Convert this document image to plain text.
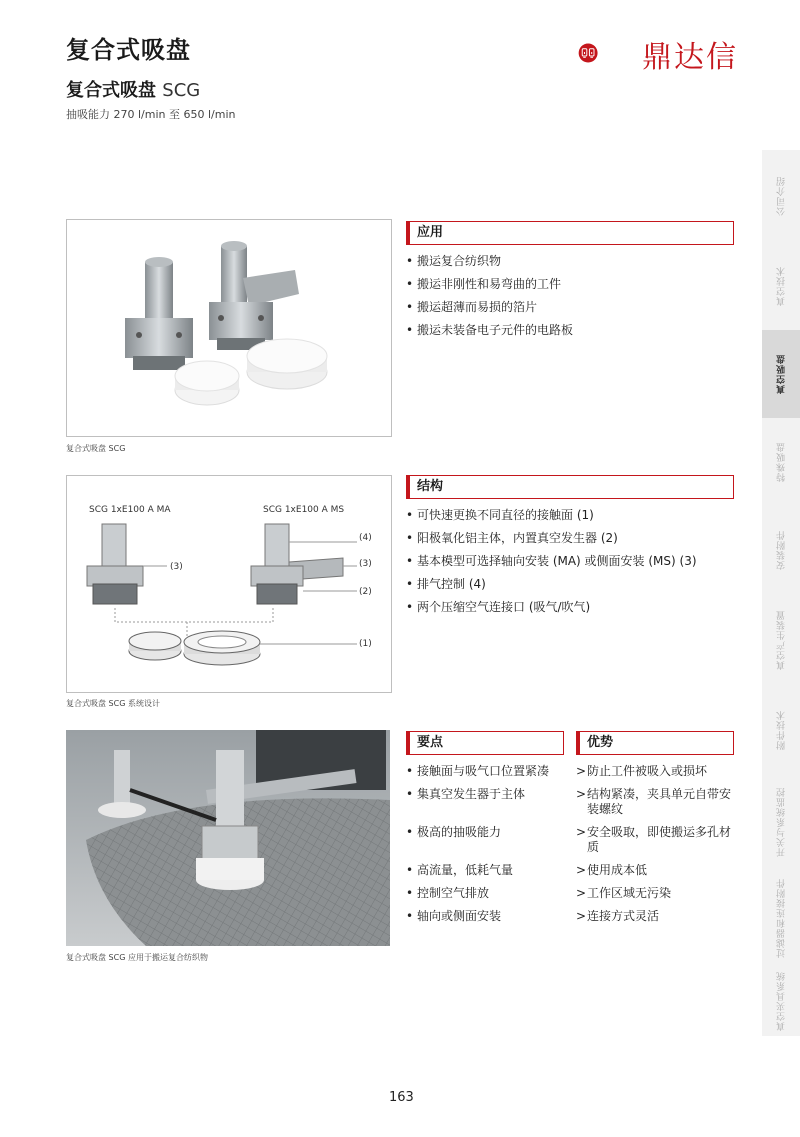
复合式吸盘
复合式吸盘 SCG
抽吸能力 270 l/min 至 650 l/min
鼎达信
公司介绍
真空技术
真空吸盘
特殊吸盘
安装附件
真空产生装置
附件技术
开关与系统监控
过滤器和连接附件
真空夹具系统
复合式吸盘 SCG
应用
• 搬运复合纺织物
• 搬运非刚性和易弯曲的工件
• 搬运超薄而易损的箔片
• 搬运未装备电子元件的电路板
SCG 1xE100 A MA	SCG 1xE100 A MS
(3)
(4)
(3)
(2)
(1)
复合式吸盘 SCG 系统设计
结构
• 可快速更换不同直径的接触面 (1)
• 阳极氧化铝主体，内置真空发生器 (2)
• 基本模型可选择轴向安装 (MA) 或侧面安装 (MS) (3)
• 排气控制 (4)
• 两个压缩空气连接口 (吸气/吹气)
复合式吸盘 SCG 应用于搬运复合纺织物
要点	优势
• 接触面与吸气口位置紧凑
• 集真空发生器于主体
• 极高的抽吸能力
• 高流量，低耗气量
• 控制空气排放
• 轴向或侧面安装
> 防止工件被吸入或损坏
> 结构紧凑，夹具单元自带安装螺纹
> 安全吸取，即使搬运多孔材质
> 使用成本低
> 工作区域无污染
> 连接方式灵活
163
